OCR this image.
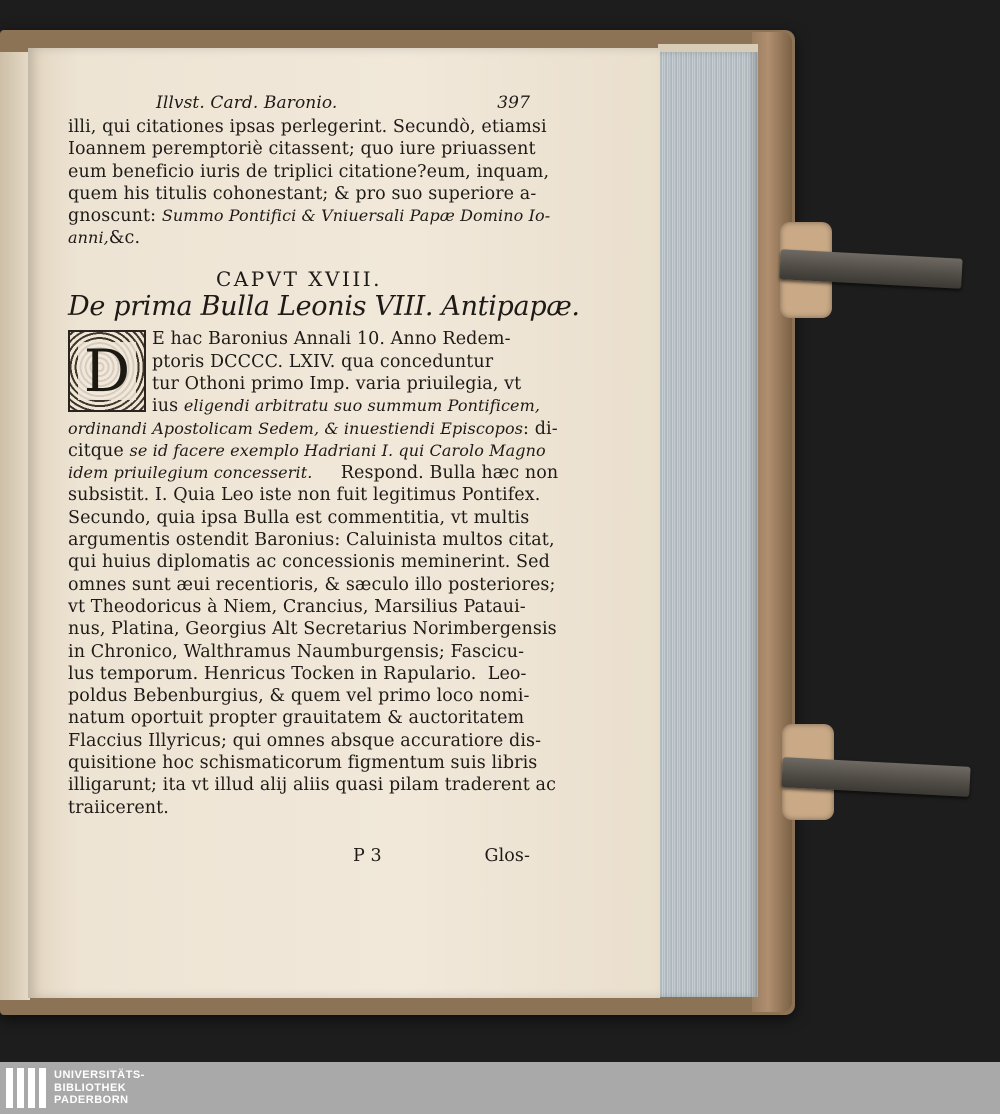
Illvst. Card. Baronio.	397
illi, qui citationes ipsas perlegerint. Secundò, etiamsi
Ioannem peremptoriè citassent; quo iure priuassent
eum beneficio iuris de triplici citatione?eum, inquam,
quem his titulis cohonestant; & pro suo superiore a-
gnoscunt: Summo Pontifici & Vniuersali Papæ Domino Io-
anni,&c.
CAPVT XVIII.
De prima Bulla Leonis VIII. Antipapæ.
D	E hac Baronius Annali 10. Anno Redem-
ptoris DCCCC. LXIV. qua conceduntur
tur Othoni primo Imp. varia priuilegia, vt
ius eligendi arbitratu suo summum Pontificem,
ordinandi Apostolicam Sedem, & inuestiendi Episcopos: di-
citque se id facere exemplo Hadriani I. qui Carolo Magno
idem priuilegium concesserit.     Respond. Bulla hæc non
subsistit. I. Quia Leo iste non fuit legitimus Pontifex.
Secundo, quia ipsa Bulla est commentitia, vt multis
argumentis ostendit Baronius: Caluinista multos citat,
qui huius diplomatis ac concessionis meminerint. Sed
omnes sunt æui recentioris, & sæculo illo posteriores;
vt Theodoricus à Niem, Crancius, Marsilius Pataui-
nus, Platina, Georgius Alt Secretarius Norimbergensis
in Chronico, Walthramus Naumburgensis; Fascicu-
lus temporum. Henricus Tocken in Rapulario.  Leo-
poldus Bebenburgius, & quem vel primo loco nomi-
natum oportuit propter grauitatem & auctoritatem
Flaccius Illyricus; qui omnes absque accuratiore dis-
quisitione hoc schismaticorum figmentum suis libris
illigarunt; ita vt illud alij aliis quasi pilam traderent ac
traiicerent.
P 3	Glos-
UNIVERSITÄTS-
BIBLIOTHEK
PADERBORN
